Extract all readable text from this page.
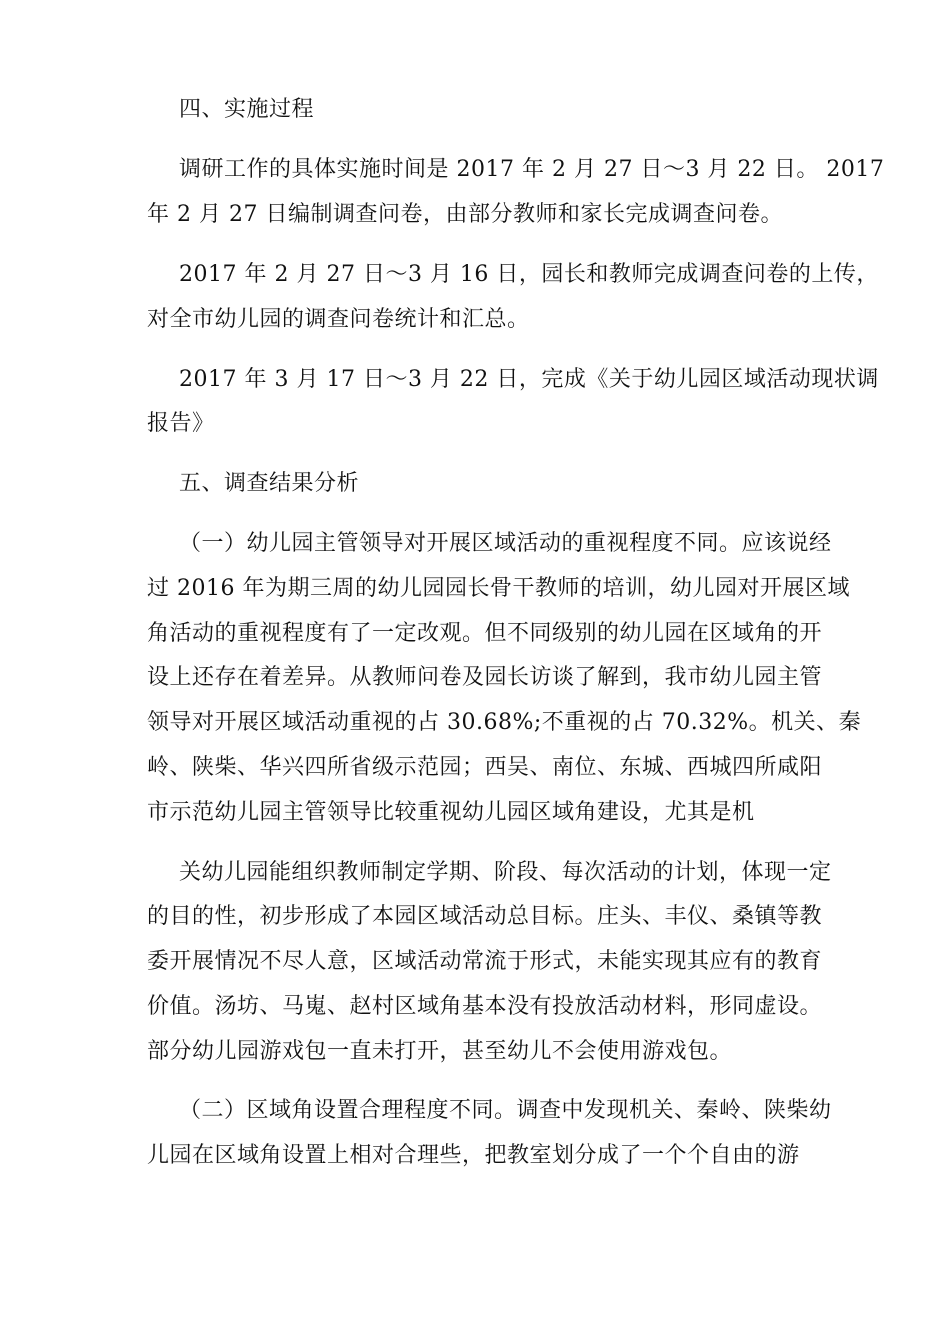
四、实施过程
调研工作的具体实施时间是 2017 年 2 月 27 日～3 月 22 日。 2017
年 2 月 27 日编制调查问卷，由部分教师和家长完成调查问卷。
2017 年 2 月 27 日～3 月 16 日，园长和教师完成调查问卷的上传，
对全市幼儿园的调查问卷统计和汇总。
2017 年 3 月 17 日～3 月 22 日，完成《关于幼儿园区域活动现状调
报告》
五、调查结果分析
（一）幼儿园主管领导对开展区域活动的重视程度不同。应该说经
过 2016 年为期三周的幼儿园园长骨干教师的培训，幼儿园对开展区域
角活动的重视程度有了一定改观。但不同级别的幼儿园在区域角的开
设上还存在着差异。从教师问卷及园长访谈了解到，我市幼儿园主管
领导对开展区域活动重视的占 30.68%;不重视的占 70.32%。机关、秦
岭、陕柴、华兴四所省级示范园；西吴、南位、东城、西城四所咸阳
市示范幼儿园主管领导比较重视幼儿园区域角建设，尤其是机
关幼儿园能组织教师制定学期、阶段、每次活动的计划，体现一定
的目的性，初步形成了本园区域活动总目标。庄头、丰仪、桑镇等教
委开展情况不尽人意，区域活动常流于形式，未能实现其应有的教育
价值。汤坊、马嵬、赵村区域角基本没有投放活动材料，形同虚设。
部分幼儿园游戏包一直未打开，甚至幼儿不会使用游戏包。
（二）区域角设置合理程度不同。调查中发现机关、秦岭、陕柴幼
儿园在区域角设置上相对合理些，把教室划分成了一个个自由的游
